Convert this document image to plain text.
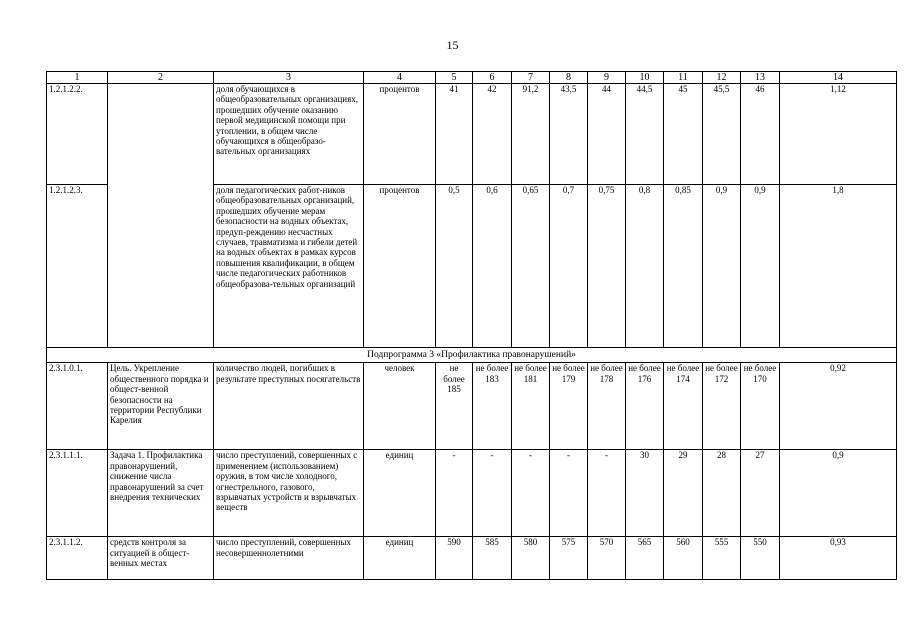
15
1	2	3	4	5	6	7	8	9	10	11	12	13	14
1.2.1.2.2.		доля обучающихся в общеобразовательных организациях, прошедших обучение оказанию первой медицинской помощи при утоплении, в общем числе обучающихся в общеобразо-вательных организациях	процентов	41	42	91,2	43,5	44	44,5	45	45,5	46	1,12
1.2.1.2.3.		доля педагогических работ-ников общеобразовательных организаций, прошедших обучение мерам безопасности на водных объектах, предуп-реждению несчастных случаев, травматизма и гибели детей на водных объектах в рамках курсов повышения квалификации, в общем числе педагогических работников общеобразова-тельных организаций	процентов	0,5	0,6	0,65	0,7	0,75	0,8	0,85	0,9	0,9	1,8
Подпрограмма 3 «Профилактика правонарушений»													
2.3.1.0.1.	Цель. Укрепление общественного порядка и общест-венной безопасности на территории Республики Карелия	количество людей, погибших в результате преступных посягательств	человек	не более 185	не более 183	не более 181	не более 179	не более 178	не более 176	не более 174	не более 172	не более 170	0,92
2.3.1.1.1.	Задача 1. Профилактика правонарушений, снижение числа правонарушений за счет внедрения технических	число преступлений, совершенных с применением (использованием) оружия, в том числе холодного, огнестрельного, газового, взрывчатых устройств и взрывчатых веществ	единиц	-	-	-	-	-	30	29	28	27	0,9
2.3.1.1.2.	средств контроля за ситуацией в общест-венных местах	число преступлений, совершенных несовершеннолетними	единиц	590	585	580	575	570	565	560	555	550	0,93
